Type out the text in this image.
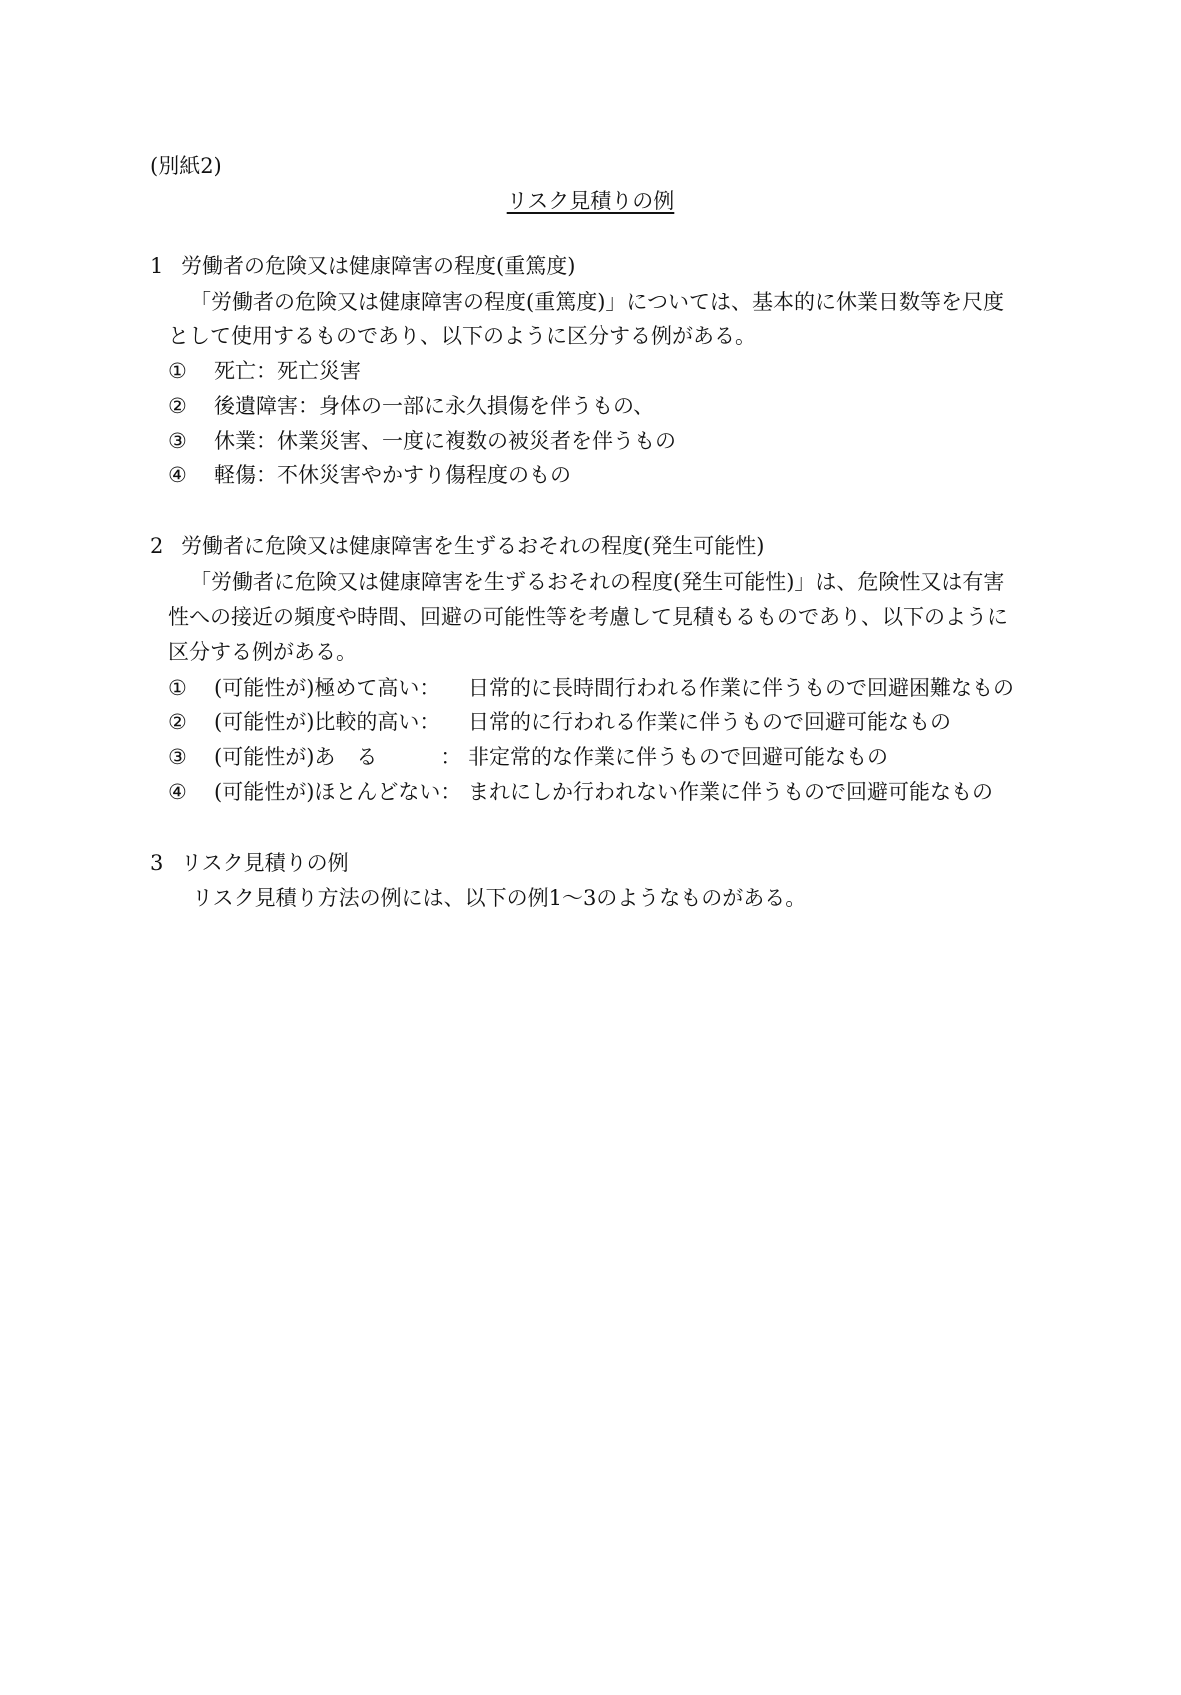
(別紙2)
リスク見積りの例
1 労働者の危険又は健康障害の程度(重篤度)
「労働者の危険又は健康障害の程度(重篤度)」については、基本的に休業日数等を尺度
として使用するものであり、以下のように区分する例がある。
① 死亡：死亡災害
② 後遺障害：身体の一部に永久損傷を伴うもの、
③ 休業：休業災害、一度に複数の被災者を伴うもの
④ 軽傷：不休災害やかすり傷程度のもの
2 労働者に危険又は健康障害を生ずるおそれの程度(発生可能性)
「労働者に危険又は健康障害を生ずるおそれの程度(発生可能性)」は、危険性又は有害
性への接近の頻度や時間、回避の可能性等を考慮して見積もるものであり、以下のように
区分する例がある。
① (可能性が)極めて高い： 日常的に長時間行われる作業に伴うもので回避困難なもの
② (可能性が)比較的高い： 日常的に行われる作業に伴うもので回避可能なもの
③ (可能性が)あ　る　　　： 非定常的な作業に伴うもので回避可能なもの
④ (可能性が)ほとんどない： まれにしか行われない作業に伴うもので回避可能なもの
3 リスク見積りの例
リスク見積り方法の例には、以下の例1～3のようなものがある。
